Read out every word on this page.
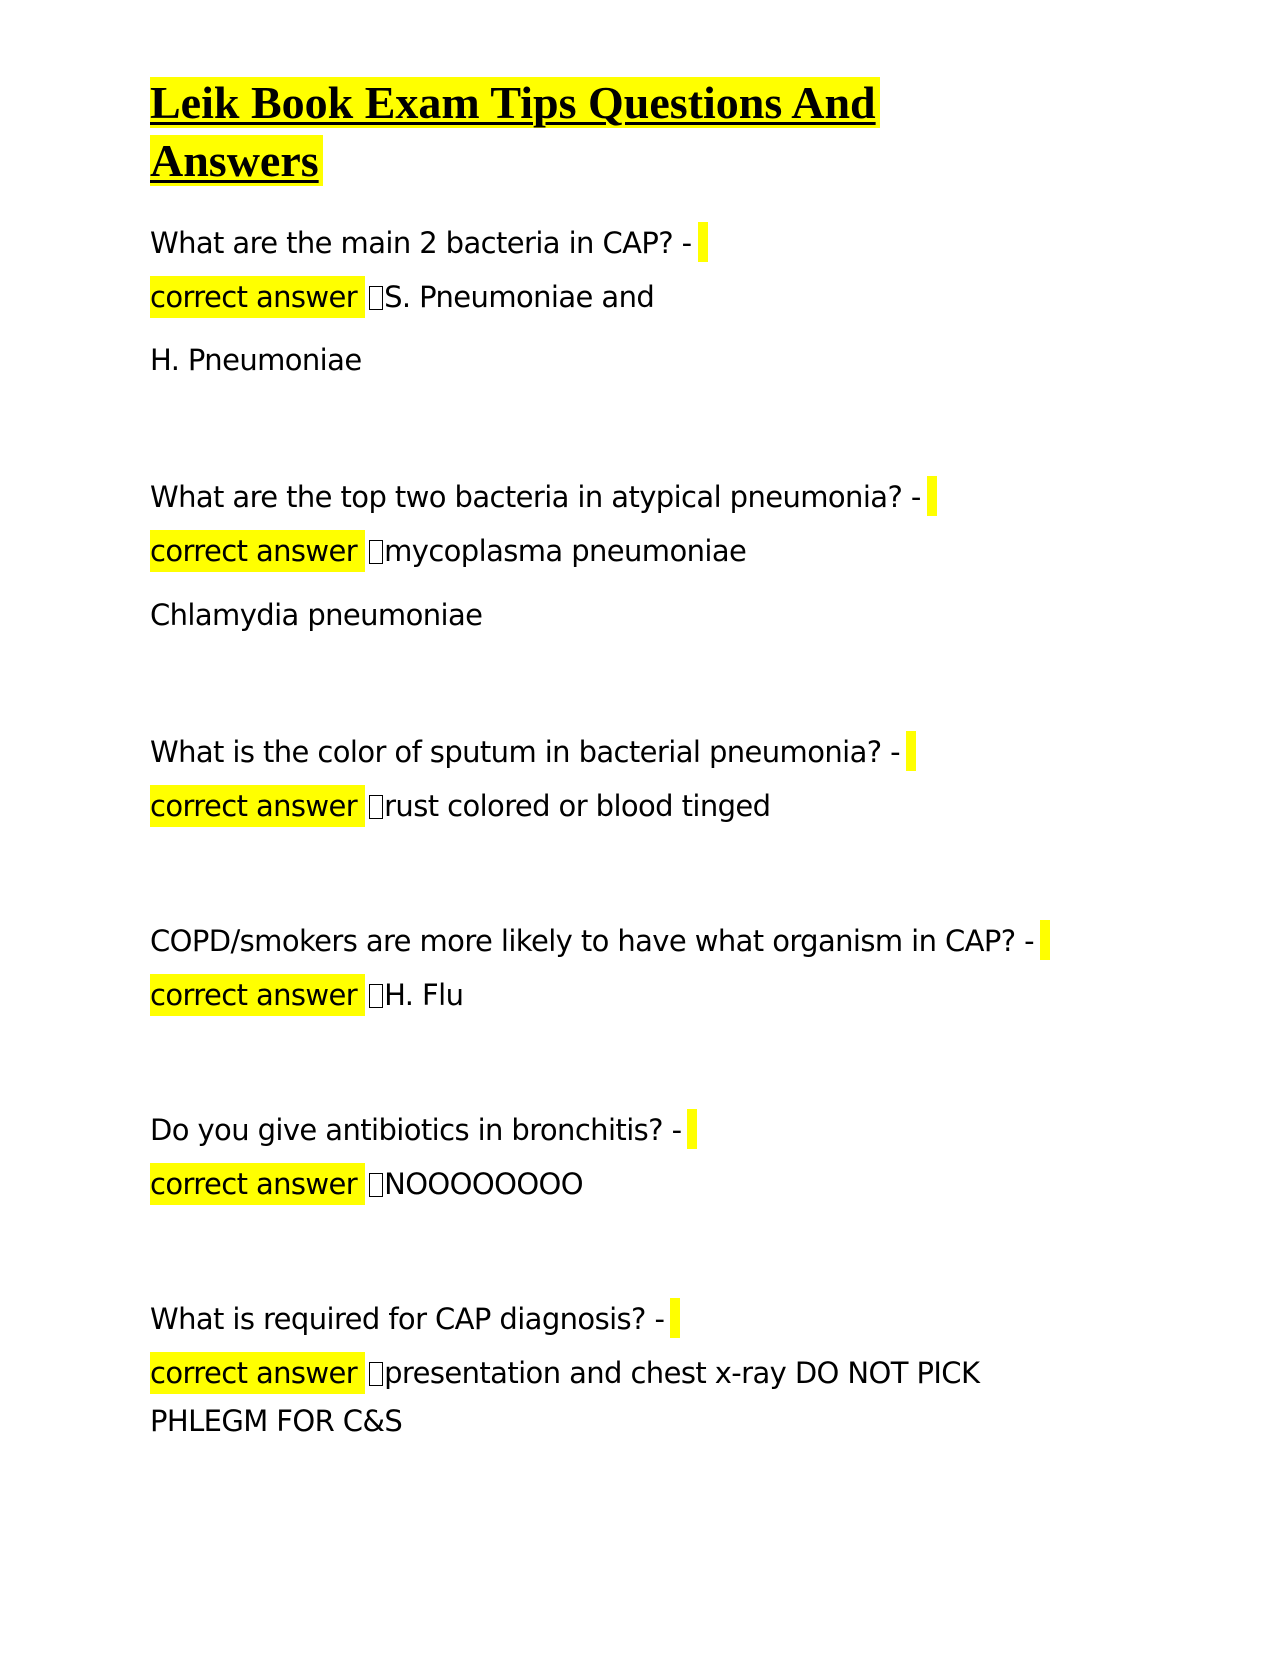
Leik Book Exam Tips Questions And Answers

What are the main 2 bacteria in CAP? -

correct answer S. Pneumoniae and

H. Pneumoniae

What are the top two bacteria in atypical pneumonia? -

correct answer mycoplasma pneumoniae

Chlamydia pneumoniae

What is the color of sputum in bacterial pneumonia? -

correct answer rust colored or blood tinged

COPD/smokers are more likely to have what organism in CAP? -

correct answer H. Flu

Do you give antibiotics in bronchitis? -

correct answer NOOOOOOOO

What is required for CAP diagnosis? -

correct answer presentation and chest x-ray DO NOT PICK

PHLEGM FOR C&S
